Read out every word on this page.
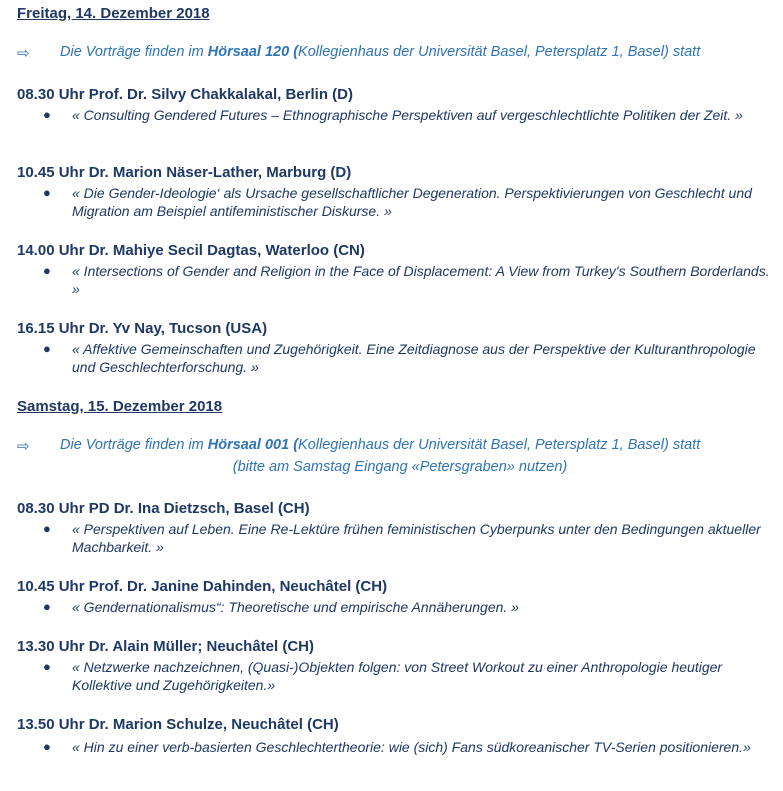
Freitag, 14. Dezember 2018

⇨ Die Vorträge finden im Hörsaal 120 (Kollegienhaus der Universität Basel, Petersplatz 1, Basel) statt

08.30 Uhr Prof. Dr. Silvy Chakkalakal, Berlin (D)

● « Consulting Gendered Futures – Ethnographische Perspektiven auf vergeschlechtlichte Politiken der Zeit. »

10.45 Uhr Dr. Marion Näser-Lather, Marburg (D)

● « Die Gender-Ideologie‘ als Ursache gesellschaftlicher Degeneration. Perspektivierungen von Geschlecht und Migration am Beispiel antifeministischer Diskurse. »

14.00 Uhr Dr. Mahiye Secil Dagtas, Waterloo (CN)

● « Intersections of Gender and Religion in the Face of Displacement: A View from Turkey's Southern Borderlands. »

16.15 Uhr Dr. Yv Nay, Tucson (USA)

● « Affektive Gemeinschaften und Zugehörigkeit. Eine Zeitdiagnose aus der Perspektive der Kulturanthropologie und Geschlechterforschung. »

Samstag, 15. Dezember 2018

⇨ Die Vorträge finden im Hörsaal 001 (Kollegienhaus der Universität Basel, Petersplatz 1, Basel) statt

(bitte am Samstag Eingang «Petersgraben» nutzen)

08.30 Uhr PD Dr. Ina Dietzsch, Basel (CH)

● « Perspektiven auf Leben. Eine Re-Lektüre frühen feministischen Cyberpunks unter den Bedingungen aktueller Machbarkeit. »

10.45 Uhr Prof. Dr. Janine Dahinden, Neuchâtel (CH)

● « Gendernationalismus“: Theoretische und empirische Annäherungen. »

13.30 Uhr Dr. Alain Müller; Neuchâtel (CH)

● « Netzwerke nachzeichnen, (Quasi-)Objekten folgen: von Street Workout zu einer Anthropologie heutiger Kollektive und Zugehörigkeiten.»

13.50 Uhr Dr. Marion Schulze, Neuchâtel (CH)

● « Hin zu einer verb-basierten Geschlechtertheorie: wie (sich) Fans südkoreanischer TV-Serien positionieren.»
